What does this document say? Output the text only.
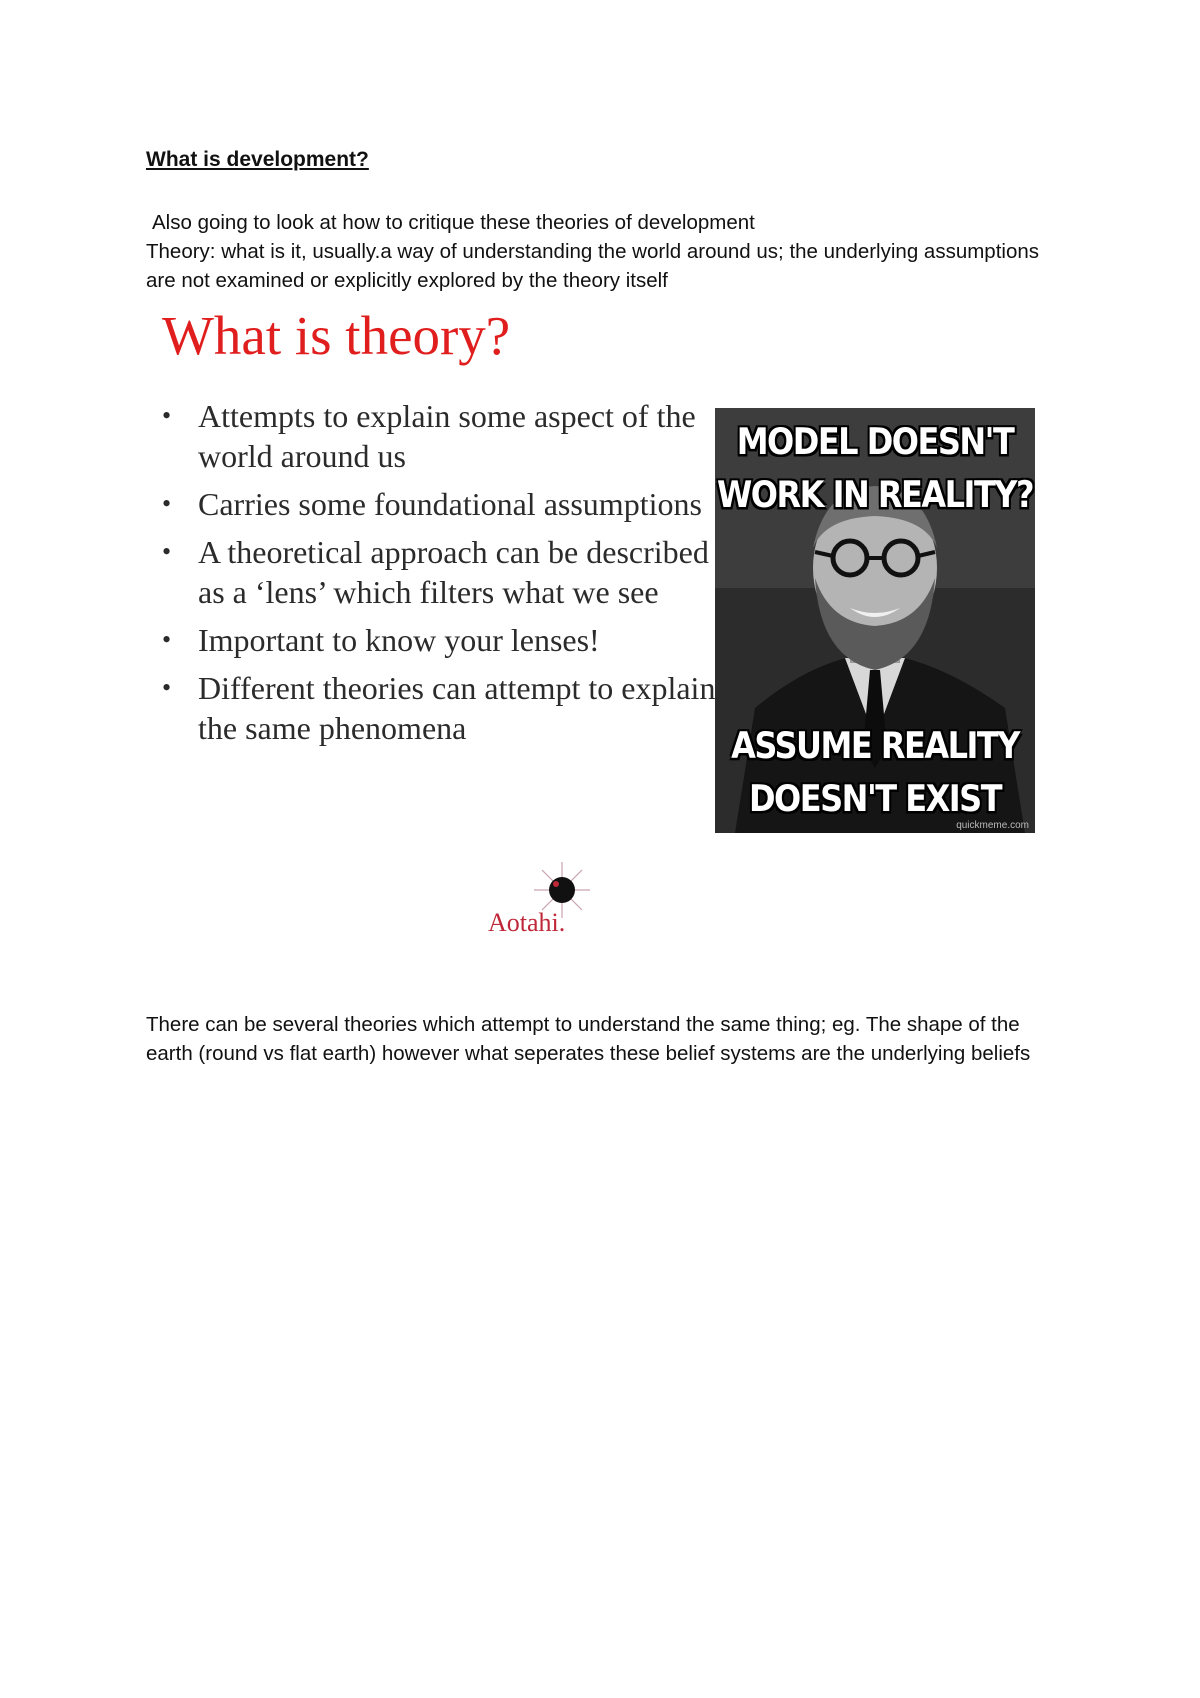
What is development?

Also going to look at how to critique these theories of development

Theory: what is it, usually.a way of understanding the world around us; the underlying assumptions are not examined or explicitly explored by the theory itself

What is theory?
• Attempts to explain some aspect of the world around us
• Carries some foundational assumptions
• A theoretical approach can be described as a ‘lens’ which filters what we see
• Important to know your lenses!
• Different theories can attempt to explain the same phenomena
MODEL DOESN'T
WORK IN REALITY?
ASSUME REALITY
DOESN'T EXIST
quickmeme.com
Aotahi.

There can be several theories which attempt to understand the same thing; eg. The shape of the earth (round vs flat earth) however what seperates these belief systems are the underlying beliefs
